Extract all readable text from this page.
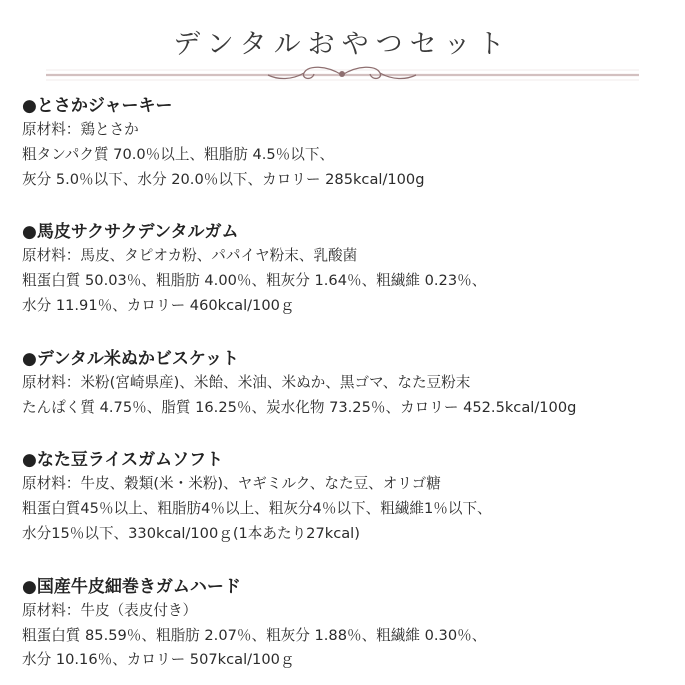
デンタルおやつセット
●とさかジャーキー
原材料：鶏とさか
粗タンパク質 70.0％以上、粗脂肪 4.5％以下、
灰分 5.0％以下、水分 20.0％以下、カロリー 285kcal/100g
●馬皮サクサクデンタルガム
原材料：馬皮、タピオカ粉、パパイヤ粉末、乳酸菌
粗蛋白質 50.03％、粗脂肪 4.00％、粗灰分 1.64％、粗繊維 0.23％、
水分 11.91％、カロリー 460kcal/100ｇ
●デンタル米ぬかビスケット
原材料：米粉(宮崎県産)、米飴、米油、米ぬか、黒ゴマ、なた豆粉末
たんぱく質 4.75％、脂質 16.25％、炭水化物 73.25％、カロリー 452.5kcal/100g
●なた豆ライスガムソフト
原材料：牛皮、穀類(米・米粉)、ヤギミルク、なた豆、オリゴ糖
粗蛋白質45％以上、粗脂肪4％以上、粗灰分4％以下、粗繊維1％以下、
水分15％以下、330kcal/100ｇ(1本あたり27kcal)
●国産牛皮細巻きガムハード
原材料：牛皮（表皮付き）
粗蛋白質 85.59％、粗脂肪 2.07％、粗灰分 1.88％、粗繊維 0.30％、
水分 10.16％、カロリー 507kcal/100ｇ
